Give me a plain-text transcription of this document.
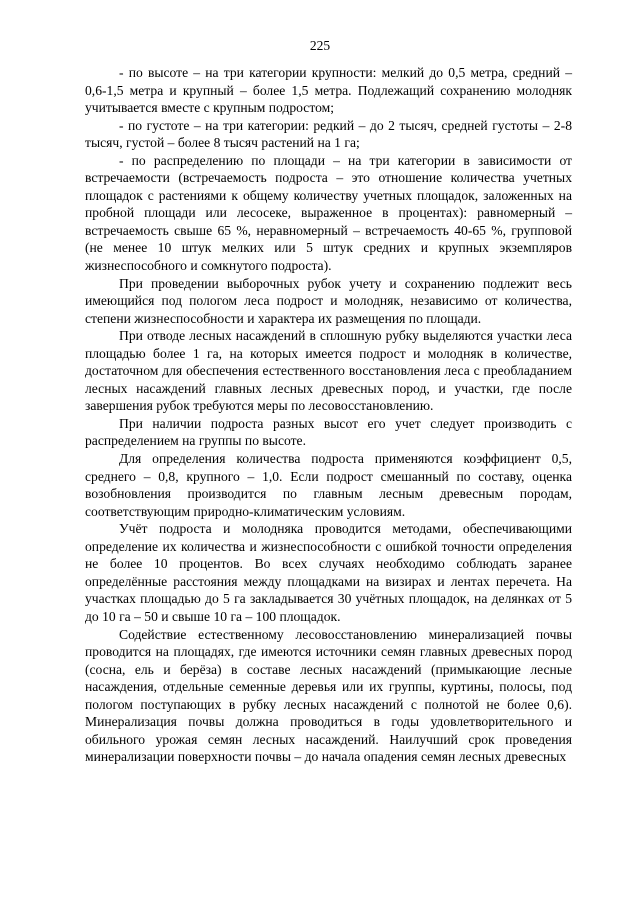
225

- по высоте – на три категории крупности: мелкий до 0,5 метра, средний – 0,6-1,5 метра и крупный – более 1,5 метра. Подлежащий сохранению молодняк учитывается вместе с крупным подростом;

- по густоте – на три категории: редкий – до 2 тысяч, средней густоты – 2-8 тысяч, густой – более 8 тысяч растений на 1 га;

- по распределению по площади – на три категории в зависимости от встречаемости (встречаемость подроста – это отношение количества учетных площадок с растениями к общему количеству учетных площадок, заложенных на пробной площади или лесосеке, выраженное в процентах): равномерный – встречаемость свыше 65 %, неравномерный – встречаемость 40-65 %, групповой (не менее 10 штук мелких или 5 штук средних и крупных экземпляров жизнеспособного и сомкнутого подроста).

При проведении выборочных рубок учету и сохранению подлежит весь имеющийся под пологом леса подрост и молодняк, независимо от количества, степени жизнеспособности и характера их размещения по площади.

При отводе лесных насаждений в сплошную рубку выделяются участки леса площадью более 1 га, на которых имеется подрост и молодняк в количестве, достаточном для обеспечения естественного восстановления леса с преобладанием лесных насаждений главных лесных древесных пород, и участки, где после завершения рубок требуются меры по лесовосстановлению.

При наличии подроста разных высот его учет следует производить с распределением на группы по высоте.

Для определения количества подроста применяются коэффициент 0,5, среднего – 0,8, крупного – 1,0. Если подрост смешанный по составу, оценка возобновления производится по главным лесным древесным породам, соответствующим природно-климатическим условиям.

Учёт подроста и молодняка проводится методами, обеспечивающими определение их количества и жизнеспособности с ошибкой точности определения не более 10 процентов. Во всех случаях необходимо соблюдать заранее определённые расстояния между площадками на визирах и лентах перечета. На участках площадью до 5 га закладывается 30 учётных площадок, на делянках от 5 до 10 га – 50 и свыше 10 га – 100 площадок.

Содействие естественному лесовосстановлению минерализацией почвы проводится на площадях, где имеются источники семян главных древесных пород (сосна, ель и берёза) в составе лесных насаждений (примыкающие лесные насаждения, отдельные семенные деревья или их группы, куртины, полосы, под пологом поступающих в рубку лесных насаждений с полнотой не более 0,6). Минерализация почвы должна проводиться в годы удовлетворительного и обильного урожая семян лесных насаждений. Наилучший срок проведения минерализации поверхности почвы – до начала опадения семян лесных древесных
